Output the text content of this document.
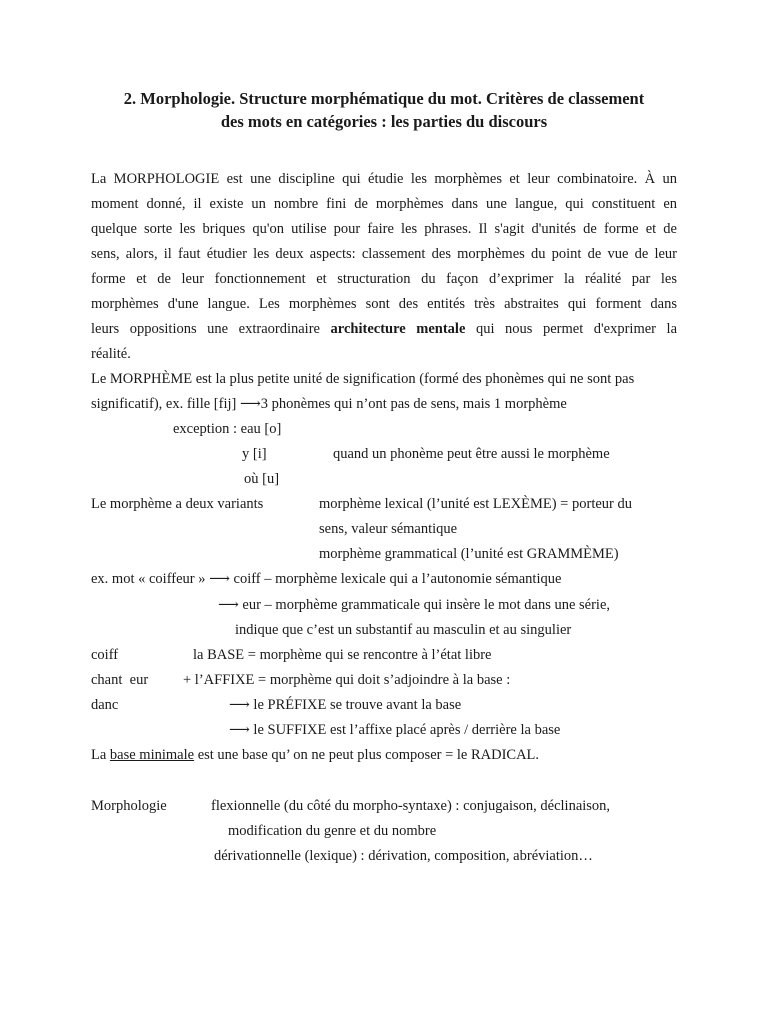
2. Morphologie. Structure morphématique du mot. Critères de classement
des mots en catégories : les parties du discours
La MORPHOLOGIE est une discipline qui étudie les morphèmes et leur combinatoire. À un
moment donné, il existe un nombre fini de morphèmes dans une langue, qui constituent en
quelque sorte les briques qu'on utilise pour faire les phrases. Il s'agit d'unités de forme et de
sens, alors, il faut étudier les deux aspects: classement des morphèmes du point de vue de leur
forme et de leur fonctionnement et structuration du façon d’exprimer la réalité par les
morphèmes d'une langue. Les morphèmes sont des entités très abstraites qui forment dans
leurs oppositions une extraordinaire architecture mentale qui nous permet d'exprimer la
réalité.
Le MORPHÈME est la plus petite unité de signification (formé des phonèmes qui ne sont pas
significatif), ex. fille [fij] ⟶3 phonèmes qui n’ont pas de sens, mais 1 morphème
exception : eau [o]
y [i]	quand un phonème peut être aussi le morphème
où [u]
Le morphème a deux variants	morphème lexical (l’unité est LEXÈME) = porteur du
sens, valeur sémantique
morphème grammatical (l’unité est GRAMMÈME)
ex. mot « coiffeur » ⟶ coiff – morphème lexicale qui a l’autonomie sémantique
⟶ eur – morphème grammaticale qui insère le mot dans une série,
indique que c’est un substantif au masculin et au singulier
coiff	la BASE = morphème qui se rencontre à l’état libre
chant  eur + l’AFFIXE = morphème qui doit s’adjoindre à la base :
danc	⟶ le PRÉFIXE se trouve avant la base
⟶ le SUFFIXE est l’affixe placé après / derrière la base
La base minimale est une base qu’ on ne peut plus composer = le RADICAL.
Morphologie	flexionnelle (du côté du morpho-syntaxe) : conjugaison, déclinaison,
modification du genre et du nombre
dérivationnelle (lexique) : dérivation, composition, abréviation…
